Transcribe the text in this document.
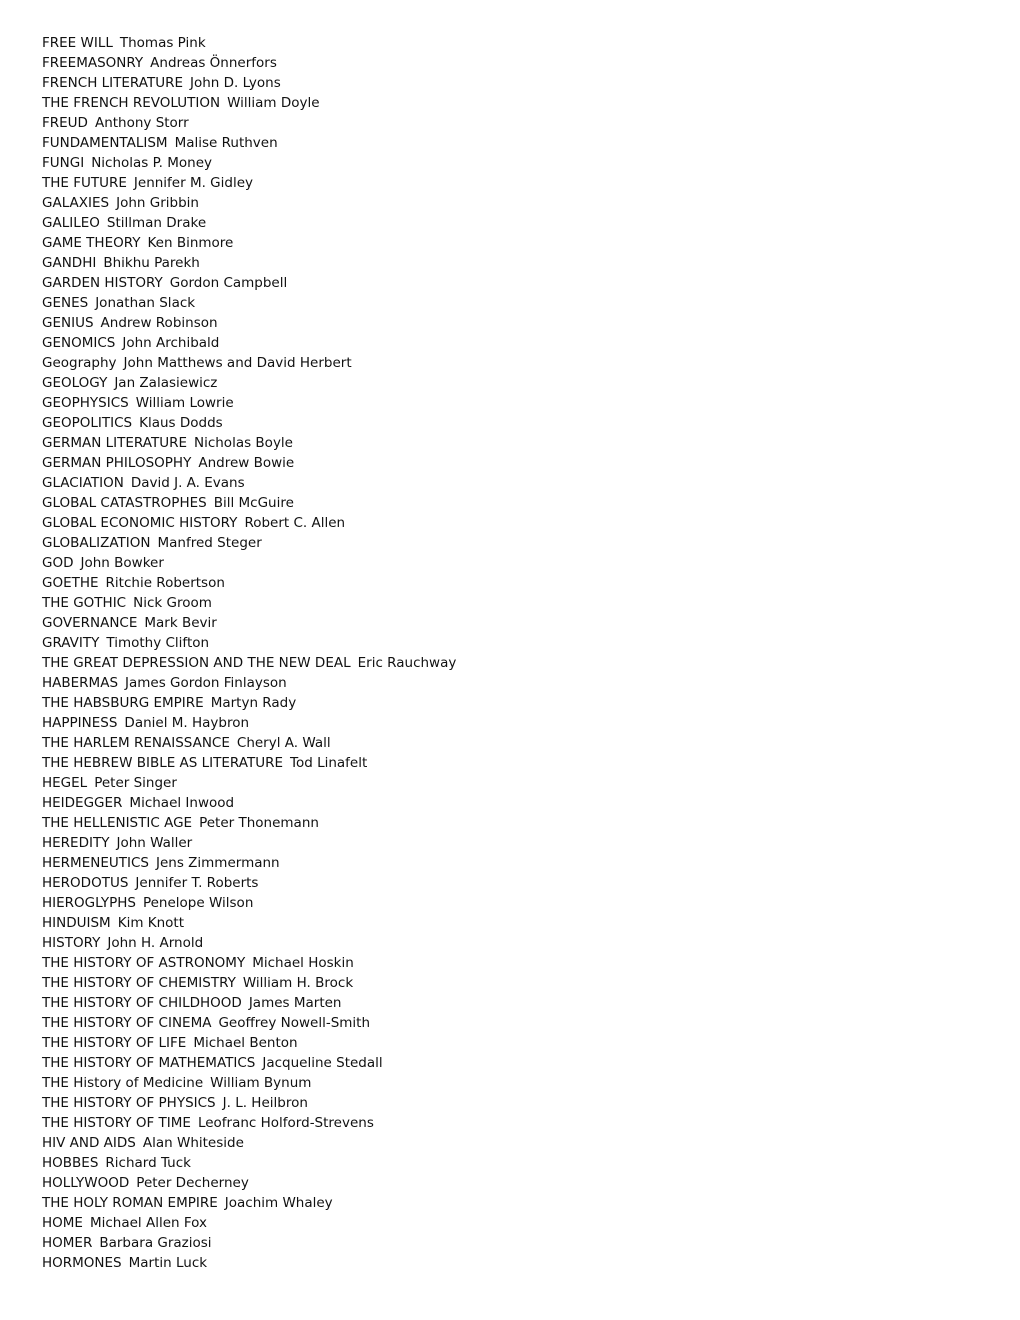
FREE WILL Thomas Pink
FREEMASONRY Andreas Önnerfors
FRENCH LITERATURE John D. Lyons
THE FRENCH REVOLUTION William Doyle
FREUD Anthony Storr
FUNDAMENTALISM Malise Ruthven
FUNGI Nicholas P. Money
THE FUTURE Jennifer M. Gidley
GALAXIES John Gribbin
GALILEO Stillman Drake
GAME THEORY Ken Binmore
GANDHI Bhikhu Parekh
GARDEN HISTORY Gordon Campbell
GENES Jonathan Slack
GENIUS Andrew Robinson
GENOMICS John Archibald
Geography John Matthews and David Herbert
GEOLOGY Jan Zalasiewicz
GEOPHYSICS William Lowrie
GEOPOLITICS Klaus Dodds
GERMAN LITERATURE Nicholas Boyle
GERMAN PHILOSOPHY Andrew Bowie
GLACIATION David J. A. Evans
GLOBAL CATASTROPHES Bill McGuire
GLOBAL ECONOMIC HISTORY Robert C. Allen
GLOBALIZATION Manfred Steger
GOD John Bowker
GOETHE Ritchie Robertson
THE GOTHIC Nick Groom
GOVERNANCE Mark Bevir
GRAVITY Timothy Clifton
THE GREAT DEPRESSION AND THE NEW DEAL Eric Rauchway
HABERMAS James Gordon Finlayson
THE HABSBURG EMPIRE Martyn Rady
HAPPINESS Daniel M. Haybron
THE HARLEM RENAISSANCE Cheryl A. Wall
THE HEBREW BIBLE AS LITERATURE Tod Linafelt
HEGEL Peter Singer
HEIDEGGER Michael Inwood
THE HELLENISTIC AGE Peter Thonemann
HEREDITY John Waller
HERMENEUTICS Jens Zimmermann
HERODOTUS Jennifer T. Roberts
HIEROGLYPHS Penelope Wilson
HINDUISM Kim Knott
HISTORY John H. Arnold
THE HISTORY OF ASTRONOMY Michael Hoskin
THE HISTORY OF CHEMISTRY William H. Brock
THE HISTORY OF CHILDHOOD James Marten
THE HISTORY OF CINEMA Geoffrey Nowell-Smith
THE HISTORY OF LIFE Michael Benton
THE HISTORY OF MATHEMATICS Jacqueline Stedall
THE History of Medicine William Bynum
THE HISTORY OF PHYSICS J. L. Heilbron
THE HISTORY OF TIME Leofranc Holford-Strevens
HIV AND AIDS Alan Whiteside
HOBBES Richard Tuck
HOLLYWOOD Peter Decherney
THE HOLY ROMAN EMPIRE Joachim Whaley
HOME Michael Allen Fox
HOMER Barbara Graziosi
HORMONES Martin Luck
